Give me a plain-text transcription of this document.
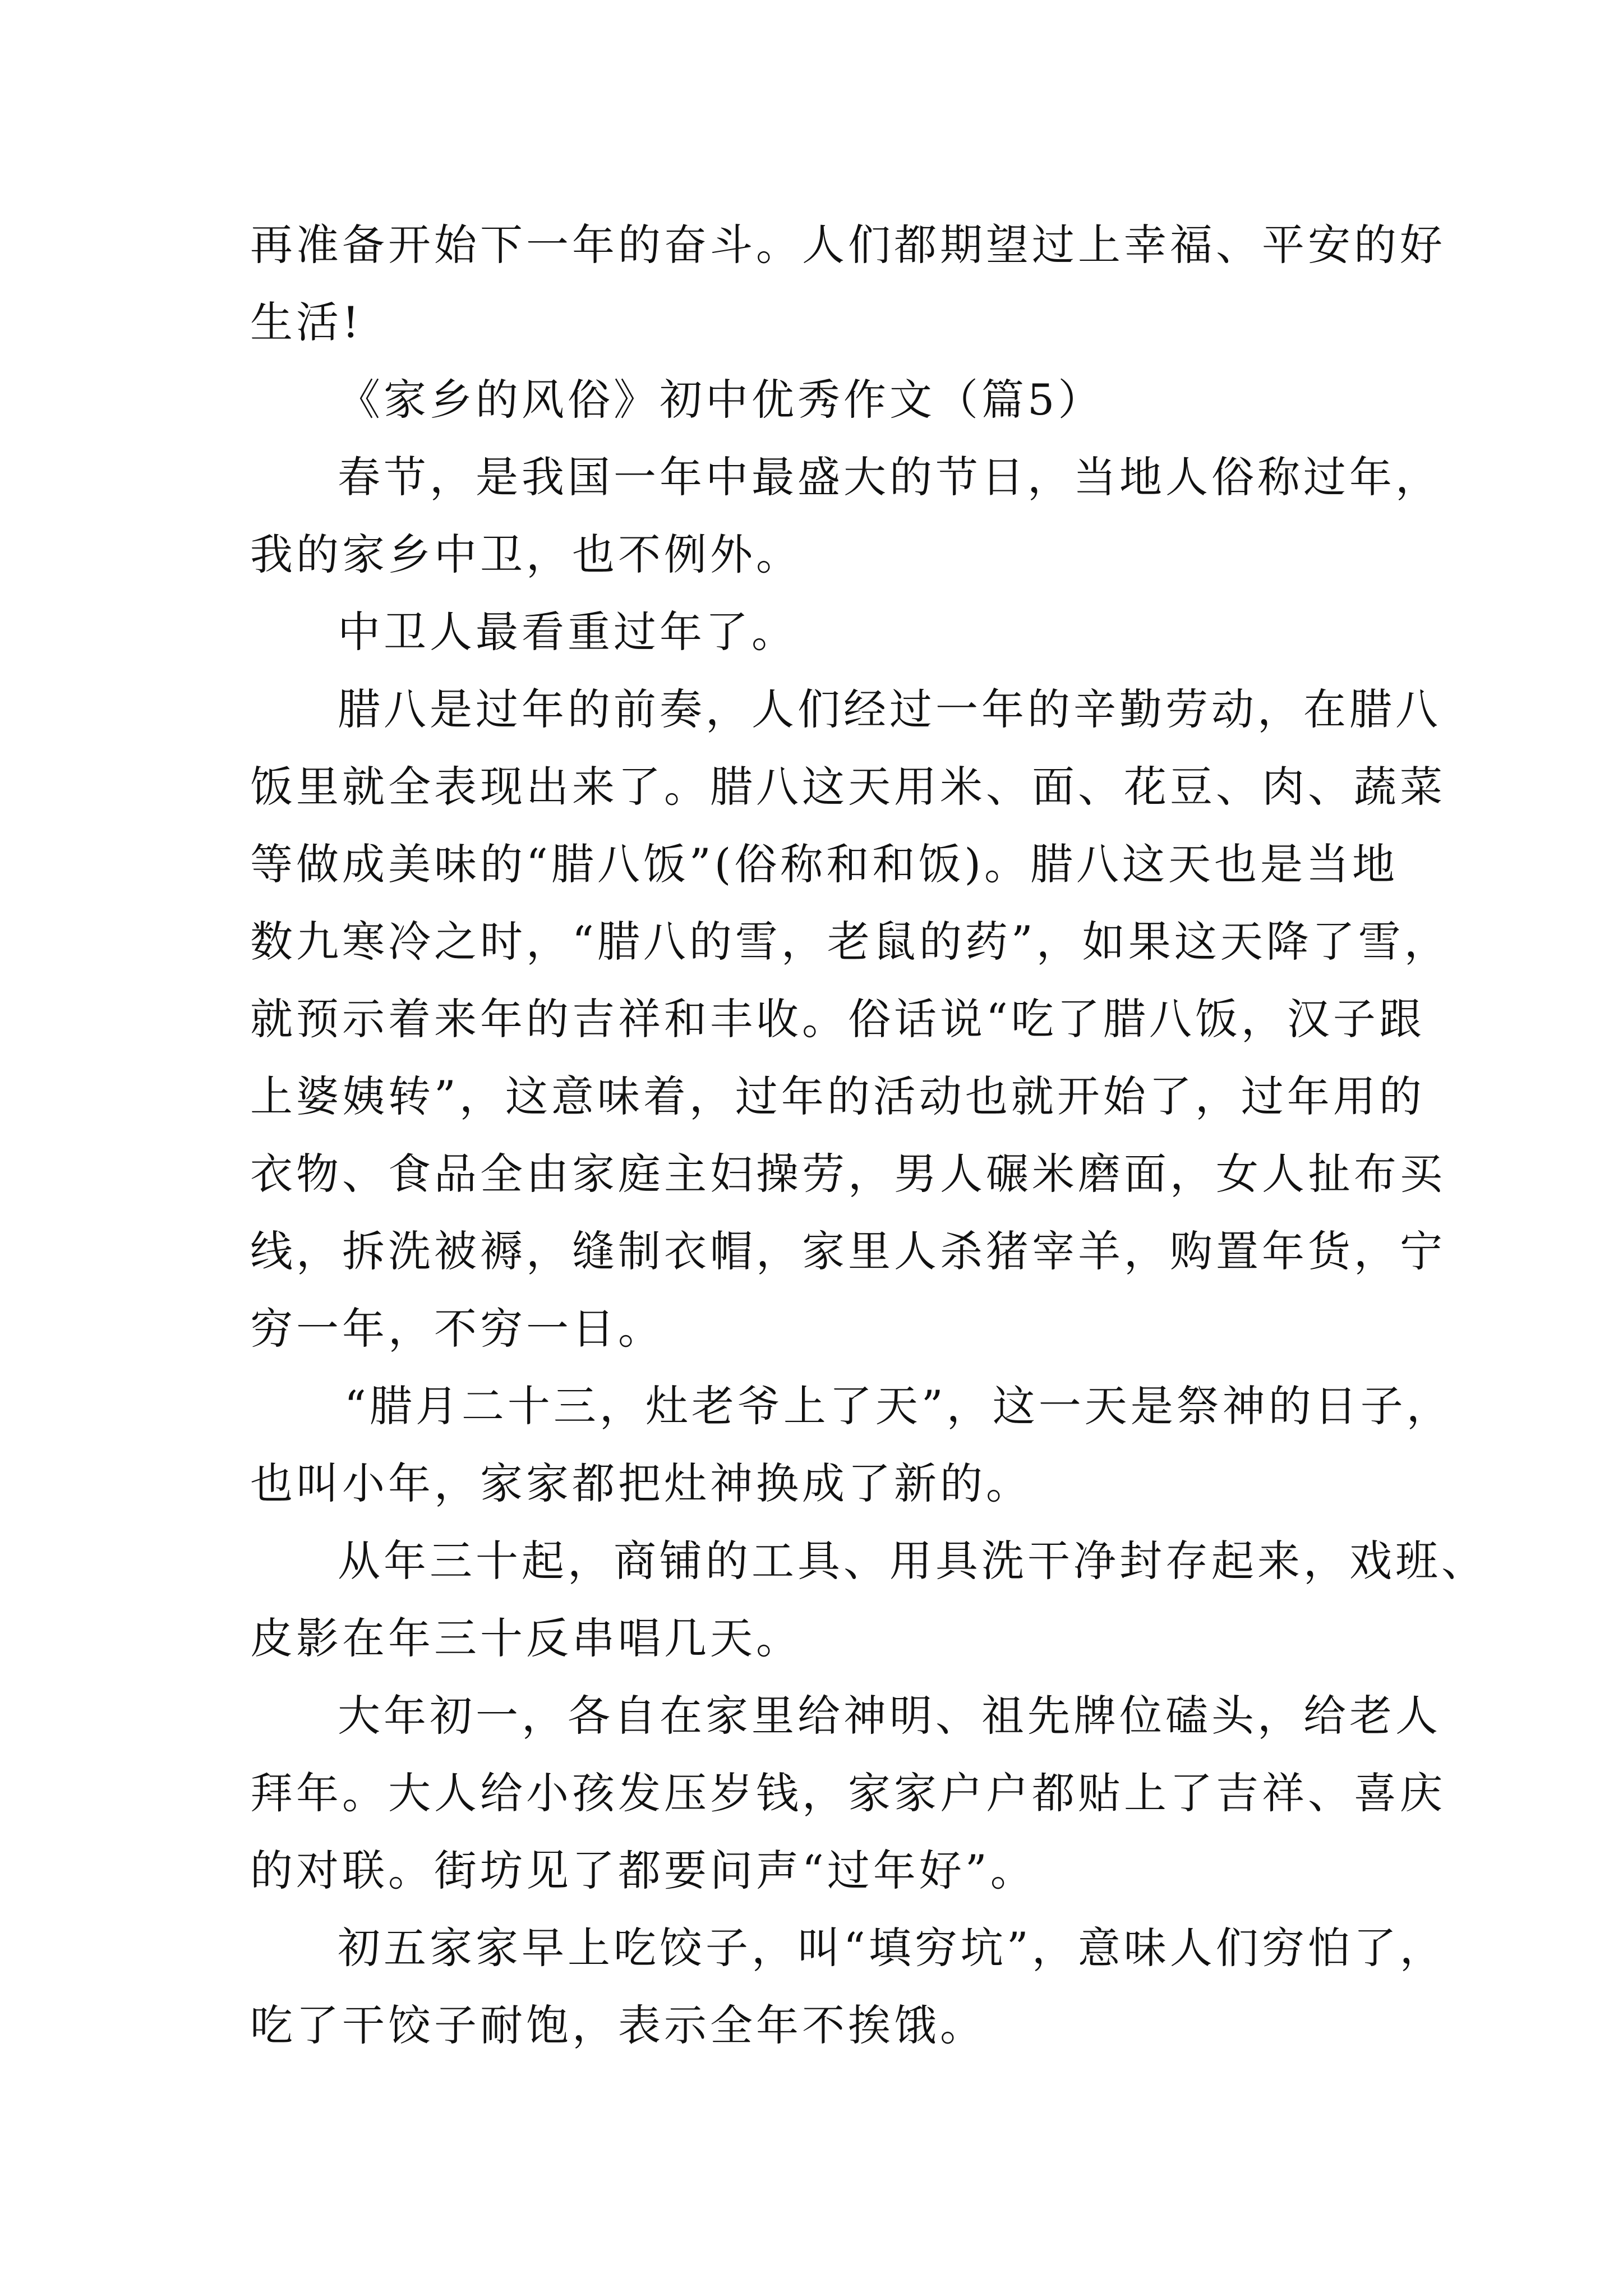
再准备开始下一年的奋斗。人们都期望过上幸福、平安的好
生活!
《家乡的风俗》初中优秀作文（篇5）
春节，是我国一年中最盛大的节日，当地人俗称过年，
我的家乡中卫，也不例外。
中卫人最看重过年了。
腊八是过年的前奏，人们经过一年的辛勤劳动，在腊八
饭里就全表现出来了。腊八这天用米、面、花豆、肉、蔬菜
等做成美味的“腊八饭”(俗称和和饭)。腊八这天也是当地
数九寒冷之时，“腊八的雪，老鼠的药”，如果这天降了雪，
就预示着来年的吉祥和丰收。俗话说“吃了腊八饭，汉子跟
上婆姨转”，这意味着，过年的活动也就开始了，过年用的
衣物、食品全由家庭主妇操劳，男人碾米磨面，女人扯布买
线，拆洗被褥，缝制衣帽，家里人杀猪宰羊，购置年货，宁
穷一年，不穷一日。
“腊月二十三，灶老爷上了天”，这一天是祭神的日子，
也叫小年，家家都把灶神换成了新的。
从年三十起，商铺的工具、用具洗干净封存起来，戏班、
皮影在年三十反串唱几天。
大年初一，各自在家里给神明、祖先牌位磕头，给老人
拜年。大人给小孩发压岁钱，家家户户都贴上了吉祥、喜庆
的对联。街坊见了都要问声“过年好”。
初五家家早上吃饺子，叫“填穷坑”，意味人们穷怕了，
吃了干饺子耐饱，表示全年不挨饿。
